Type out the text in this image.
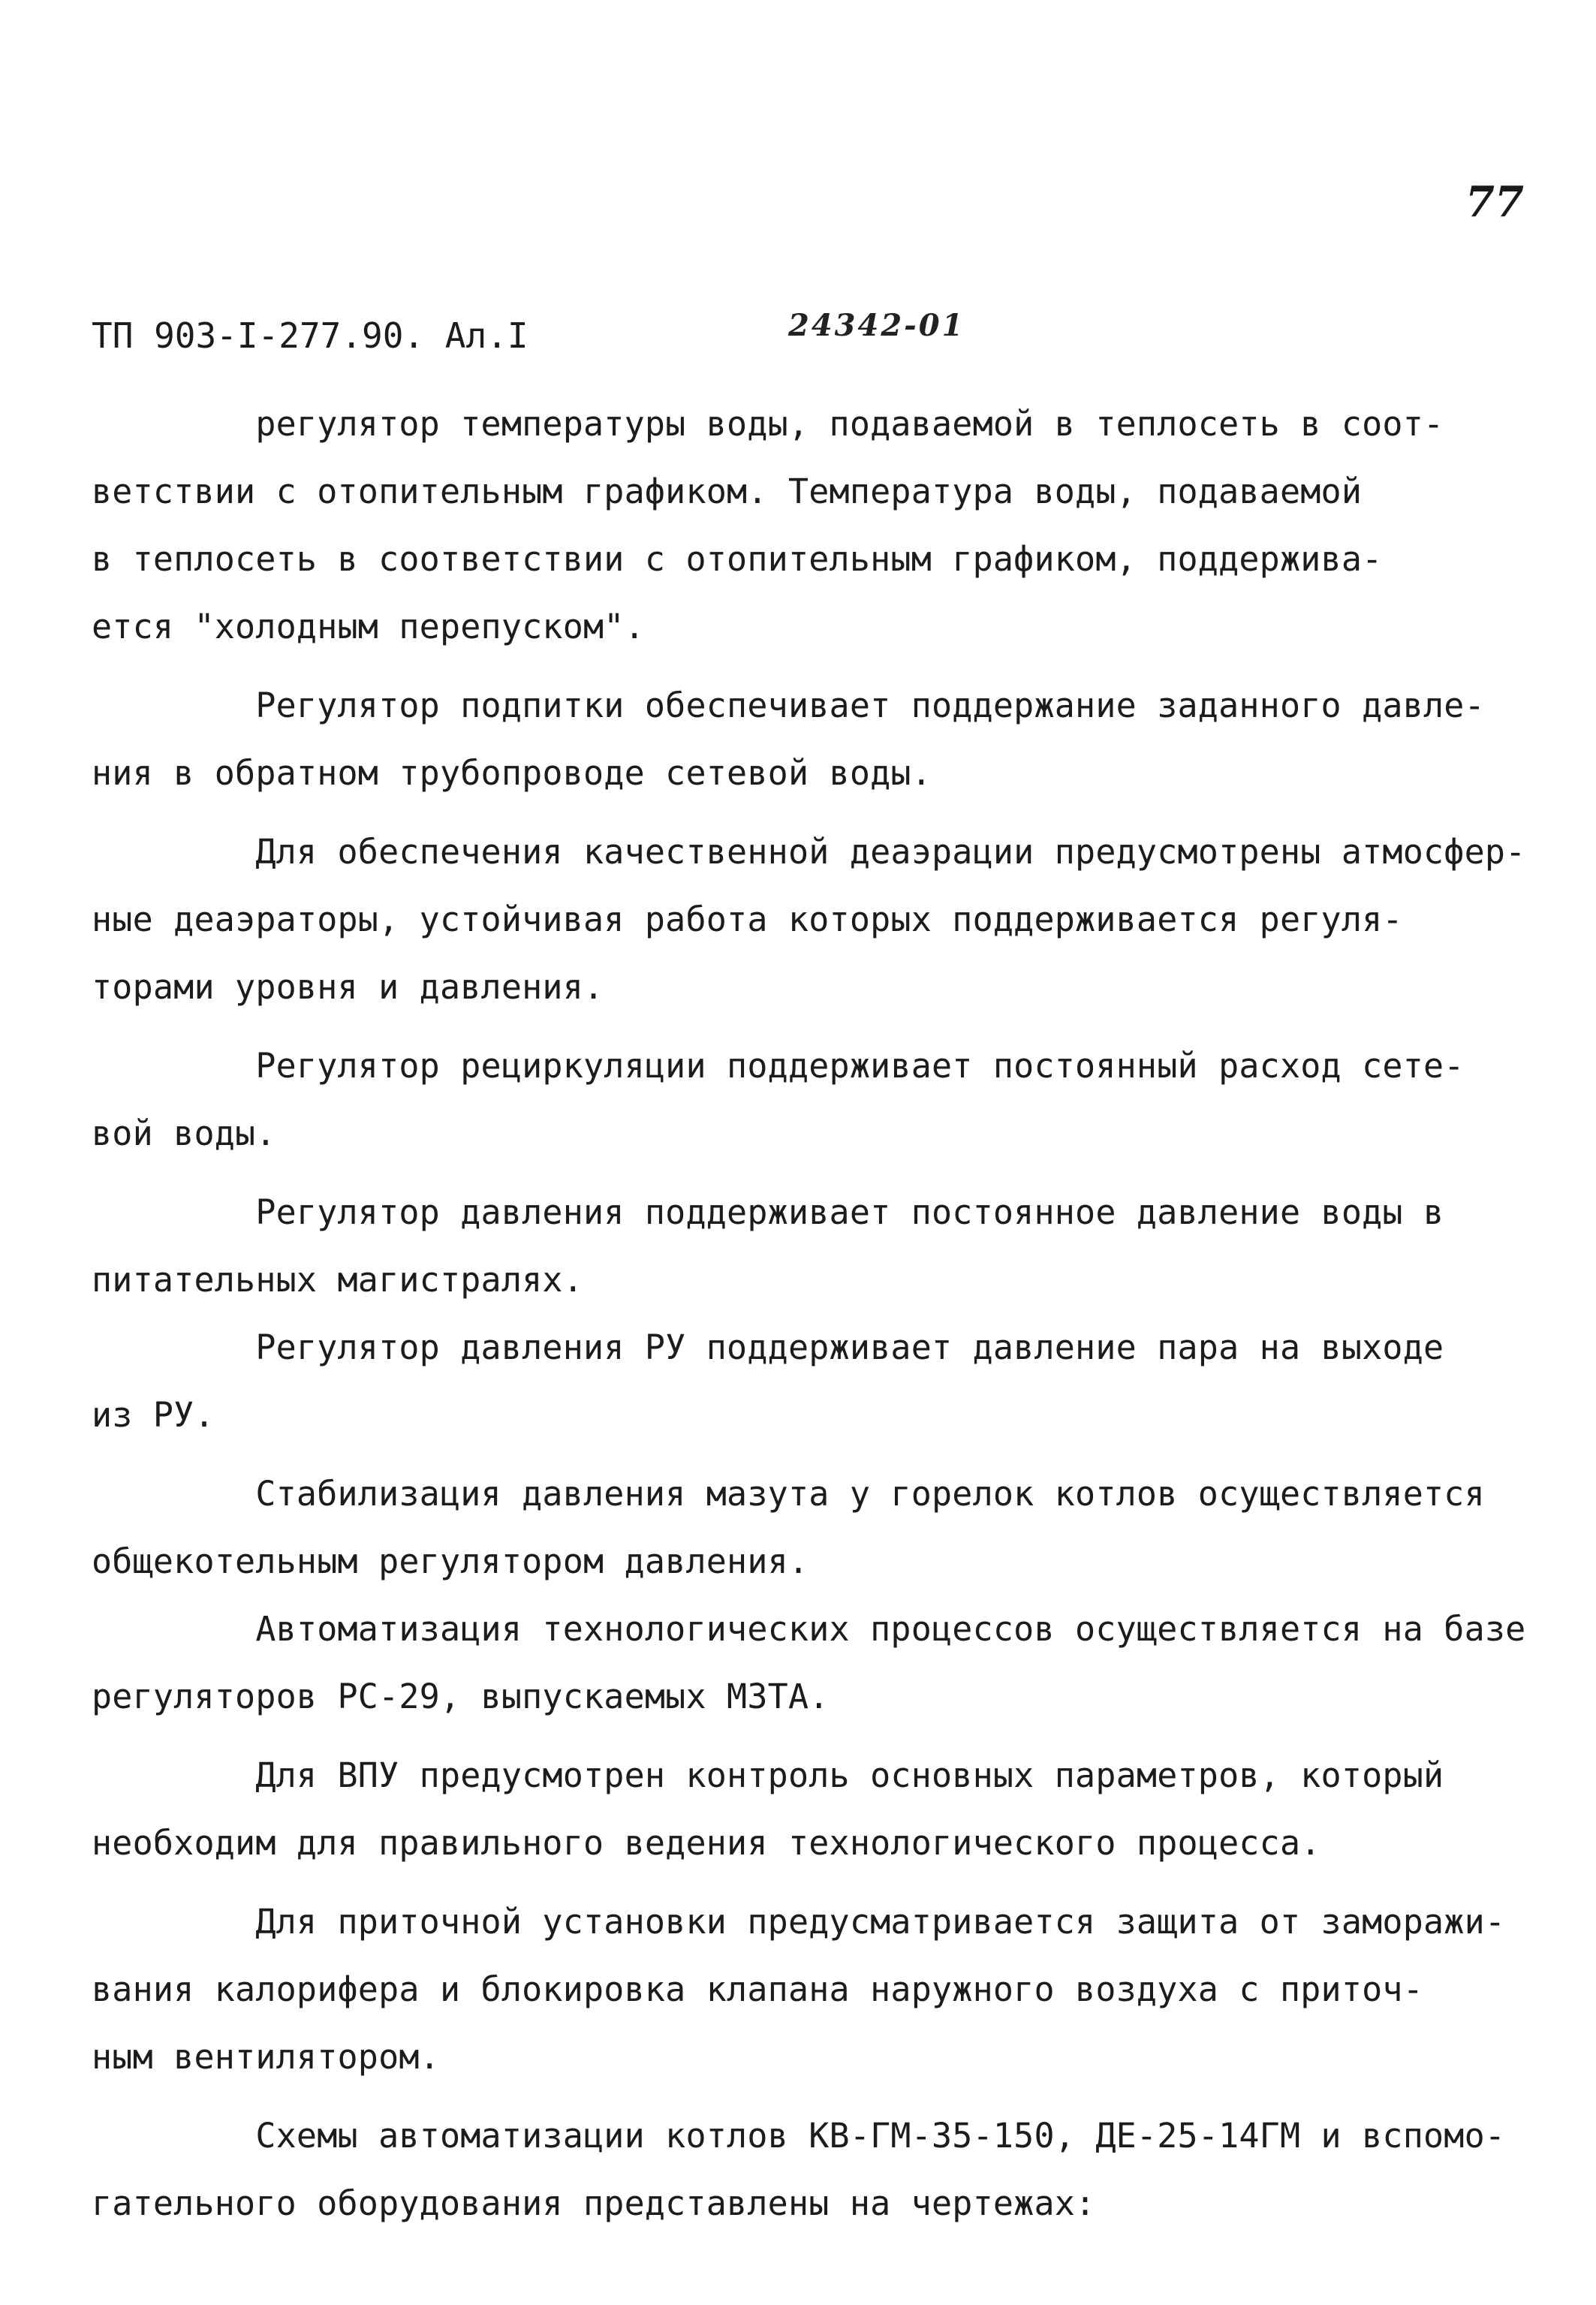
77
ТП 903-I-277.90. Ал.I	24342-01
регулятор температуры воды, подаваемой в теплосеть в соот-
ветствии с отопительным графиком. Температура воды, подаваемой
в теплосеть в соответствии с отопительным графиком, поддержива-
ется "холодным перепуском".
Регулятор подпитки обеспечивает поддержание заданного давле-
ния в обратном трубопроводе сетевой воды.
Для обеспечения качественной деаэрации предусмотрены атмосфер-
ные деаэраторы, устойчивая работа которых поддерживается регуля-
торами уровня и давления.
Регулятор рециркуляции поддерживает постоянный расход сете-
вой воды.
Регулятор давления поддерживает постоянное давление воды в
питательных магистралях.
Регулятор давления РУ поддерживает давление пара на выходе
из РУ.
Стабилизация давления мазута у горелок котлов осуществляется
общекотельным регулятором давления.
Автоматизация технологических процессов осуществляется на базе
регуляторов РС-29, выпускаемых МЗТА.
Для ВПУ предусмотрен контроль основных параметров, который
необходим для правильного ведения технологического процесса.
Для приточной установки предусматривается защита от заморажи-
вания калорифера и блокировка клапана наружного воздуха с приточ-
ным вентилятором.
Схемы автоматизации котлов КВ-ГМ-35-150, ДЕ-25-14ГМ и вспомо-
гательного оборудования представлены на чертежах:
